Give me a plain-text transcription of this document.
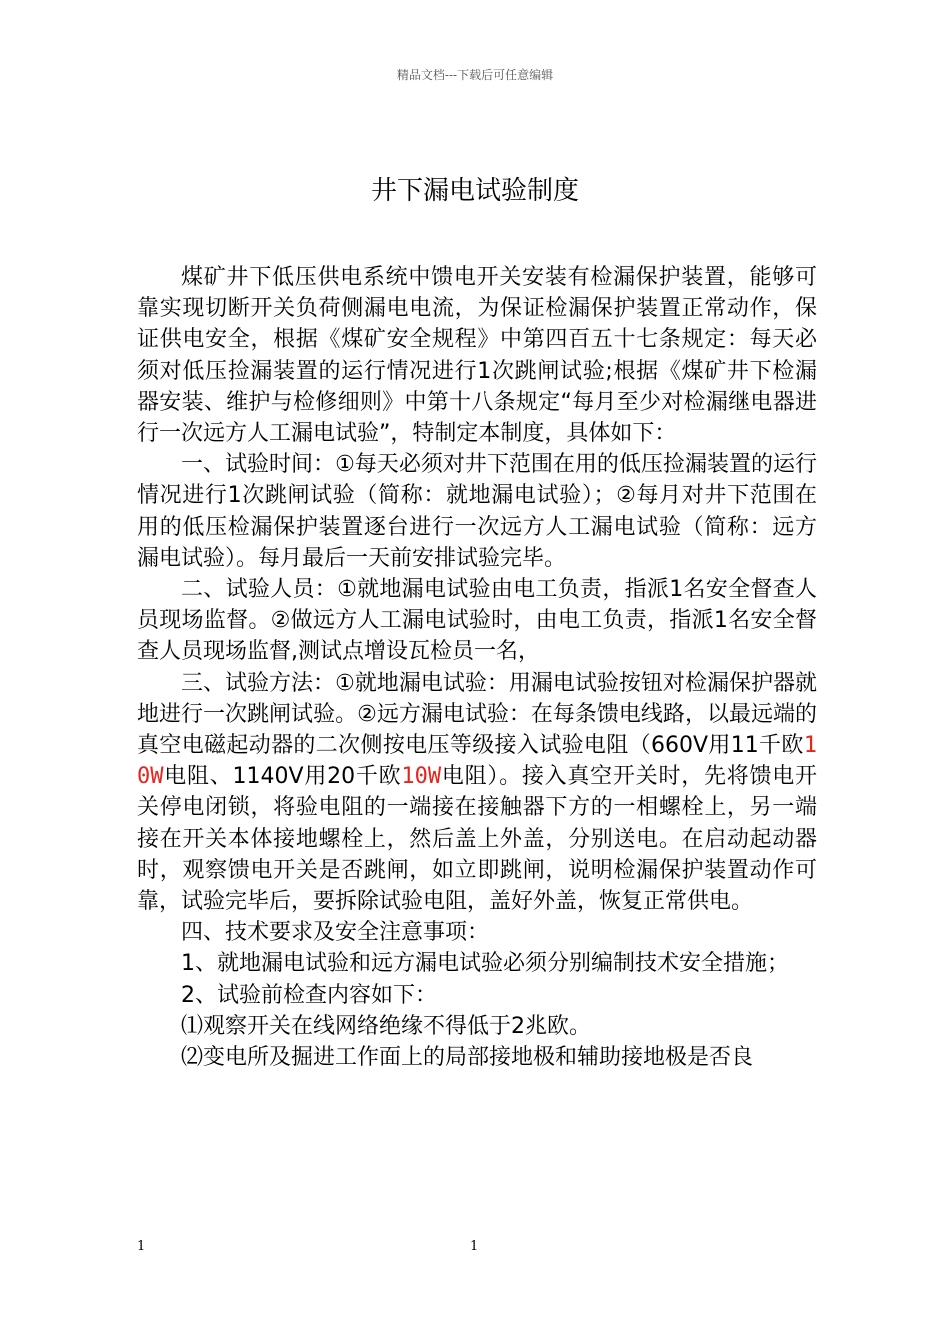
精品文档---下载后可任意编辑
井下漏电试验制度

煤矿井下低压供电系统中馈电开关安装有检漏保护装置，能够可靠实现切断开关负荷侧漏电电流，为保证检漏保护装置正常动作，保证供电安全，根据《煤矿安全规程》中第四百五十七条规定：每天必须对低压捡漏装置的运行情况进行1次跳闸试验;根据《煤矿井下检漏器安装、维护与检修细则》中第十八条规定“每月至少对检漏继电器进行一次远方人工漏电试验”，特制定本制度，具体如下：

一、试验时间：①每天必须对井下范围在用的低压捡漏装置的运行情况进行1次跳闸试验（简称：就地漏电试验）；②每月对井下范围在用的低压检漏保护装置逐台进行一次远方人工漏电试验（简称：远方漏电试验）。每月最后一天前安排试验完毕。

二、试验人员：①就地漏电试验由电工负责，指派1名安全督查人员现场监督。②做远方人工漏电试验时，由电工负责，指派1名安全督查人员现场监督,测试点增设瓦检员一名，

三、试验方法：①就地漏电试验：用漏电试验按钮对检漏保护器就地进行一次跳闸试验。②远方漏电试验：在每条馈电线路，以最远端的真空电磁起动器的二次侧按电压等级接入试验电阻（660V用11千欧10W电阻、1140V用20千欧10W电阻）。接入真空开关时，先将馈电开关停电闭锁，将验电阻的一端接在接触器下方的一相螺栓上，另一端接在开关本体接地螺栓上，然后盖上外盖，分别送电。在启动起动器时，观察馈电开关是否跳闸，如立即跳闸，说明检漏保护装置动作可靠，试验完毕后，要拆除试验电阻，盖好外盖，恢复正常供电。

四、技术要求及安全注意事项：

1、就地漏电试验和远方漏电试验必须分别编制技术安全措施；

2、试验前检查内容如下：

⑴观察开关在线网络绝缘不得低于2兆欧。

⑵变电所及掘进工作面上的局部接地极和辅助接地极是否良

1	1
